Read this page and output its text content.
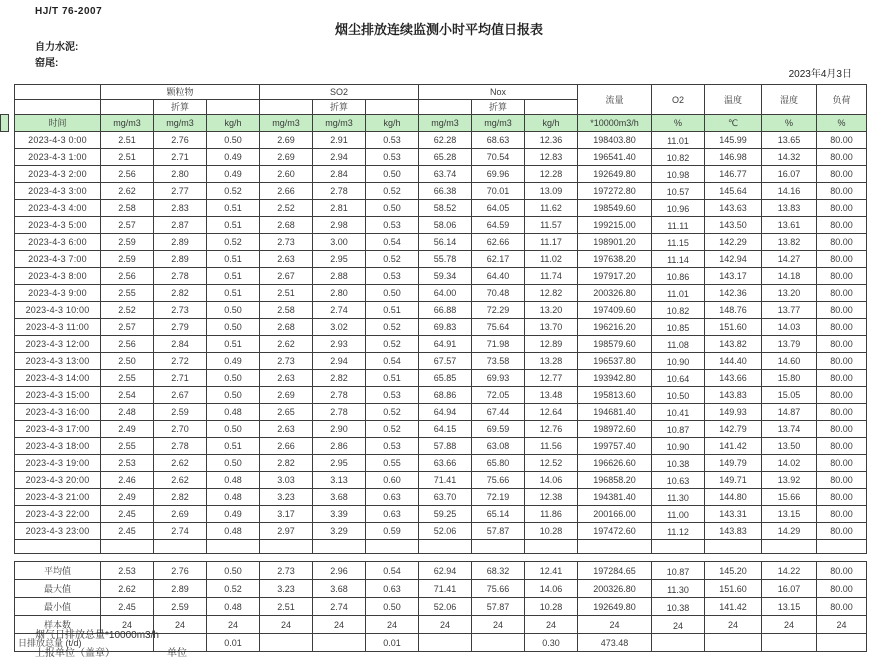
HJ/T 76-2007
烟尘排放连续监测小时平均值日报表
自力水泥:
窑尾:
2023年4月3日
	颗粒物			SO2			Nox			流量	O2	温度	湿度	负荷
		折算			折算			折算						
时间	mg/m3	mg/m3	kg/h	mg/m3	mg/m3	kg/h	mg/m3	mg/m3	kg/h	*10000m3/h	%	℃	%	%
2023-4-3 0:00	2.51	2.76	0.50	2.69	2.91	0.53	62.28	68.63	12.36	198403.80	11.01	145.99	13.65	80.00
2023-4-3 1:00	2.51	2.71	0.49	2.69	2.94	0.53	65.28	70.54	12.83	196541.40	10.82	146.98	14.32	80.00
2023-4-3 2:00	2.56	2.80	0.49	2.60	2.84	0.50	63.74	69.96	12.28	192649.80	10.98	146.77	16.07	80.00
2023-4-3 3:00	2.62	2.77	0.52	2.66	2.78	0.52	66.38	70.01	13.09	197272.80	10.57	145.64	14.16	80.00
2023-4-3 4:00	2.58	2.83	0.51	2.52	2.81	0.50	58.52	64.05	11.62	198549.60	10.96	143.63	13.83	80.00
2023-4-3 5:00	2.57	2.87	0.51	2.68	2.98	0.53	58.06	64.59	11.57	199215.00	11.11	143.50	13.61	80.00
2023-4-3 6:00	2.59	2.89	0.52	2.73	3.00	0.54	56.14	62.66	11.17	198901.20	11.15	142.29	13.82	80.00
2023-4-3 7:00	2.59	2.89	0.51	2.63	2.95	0.52	55.78	62.17	11.02	197638.20	11.14	142.94	14.27	80.00
2023-4-3 8:00	2.56	2.78	0.51	2.67	2.88	0.53	59.34	64.40	11.74	197917.20	10.86	143.17	14.18	80.00
2023-4-3 9:00	2.55	2.82	0.51	2.51	2.80	0.50	64.00	70.48	12.82	200326.80	11.01	142.36	13.20	80.00
2023-4-3 10:00	2.52	2.73	0.50	2.58	2.74	0.51	66.88	72.29	13.20	197409.60	10.82	148.76	13.77	80.00
2023-4-3 11:00	2.57	2.79	0.50	2.68	3.02	0.52	69.83	75.64	13.70	196216.20	10.85	151.60	14.03	80.00
2023-4-3 12:00	2.56	2.84	0.51	2.62	2.93	0.52	64.91	71.98	12.89	198579.60	11.08	143.82	13.79	80.00
2023-4-3 13:00	2.50	2.72	0.49	2.73	2.94	0.54	67.57	73.58	13.28	196537.80	10.90	144.40	14.60	80.00
2023-4-3 14:00	2.55	2.71	0.50	2.63	2.82	0.51	65.85	69.93	12.77	193942.80	10.64	143.66	15.80	80.00
2023-4-3 15:00	2.54	2.67	0.50	2.69	2.78	0.53	68.86	72.05	13.48	195813.60	10.50	143.83	15.05	80.00
2023-4-3 16:00	2.48	2.59	0.48	2.65	2.78	0.52	64.94	67.44	12.64	194681.40	10.41	149.93	14.87	80.00
2023-4-3 17:00	2.49	2.70	0.50	2.63	2.90	0.52	64.15	69.59	12.76	198972.60	10.87	142.79	13.74	80.00
2023-4-3 18:00	2.55	2.78	0.51	2.66	2.86	0.53	57.88	63.08	11.56	199757.40	10.90	141.42	13.50	80.00
2023-4-3 19:00	2.53	2.62	0.50	2.82	2.95	0.55	63.66	65.80	12.52	196626.60	10.38	149.79	14.02	80.00
2023-4-3 20:00	2.46	2.62	0.48	3.03	3.13	0.60	71.41	75.66	14.06	196858.20	10.63	149.71	13.92	80.00
2023-4-3 21:00	2.49	2.82	0.48	3.23	3.68	0.63	63.70	72.19	12.38	194381.40	11.30	144.80	15.66	80.00
2023-4-3 22:00	2.45	2.69	0.49	3.17	3.39	0.63	59.25	65.14	11.86	200166.00	11.00	143.31	13.15	80.00
2023-4-3 23:00	2.45	2.74	0.48	2.97	3.29	0.59	52.06	57.87	10.28	197472.60	11.12	143.83	14.29	80.00

平均值	2.53	2.76	0.50	2.73	2.96	0.54	62.94	68.32	12.41	197284.65	10.87	145.20	14.22	80.00
最大值	2.62	2.89	0.52	3.23	3.68	0.63	71.41	75.66	14.06	200326.80	11.30	151.60	16.07	80.00
最小值	2.45	2.59	0.48	2.51	2.74	0.50	52.06	57.87	10.28	192649.80	10.38	141.42	13.15	80.00
样本数	24	24	24	24	24	24	24	24	24	24	24	24	24	24
日排放总量 (t/d)			0.01			0.01			0.30	473.48				
烟气日排放总量*10000m3/h
上报单位（盖章）	单位
